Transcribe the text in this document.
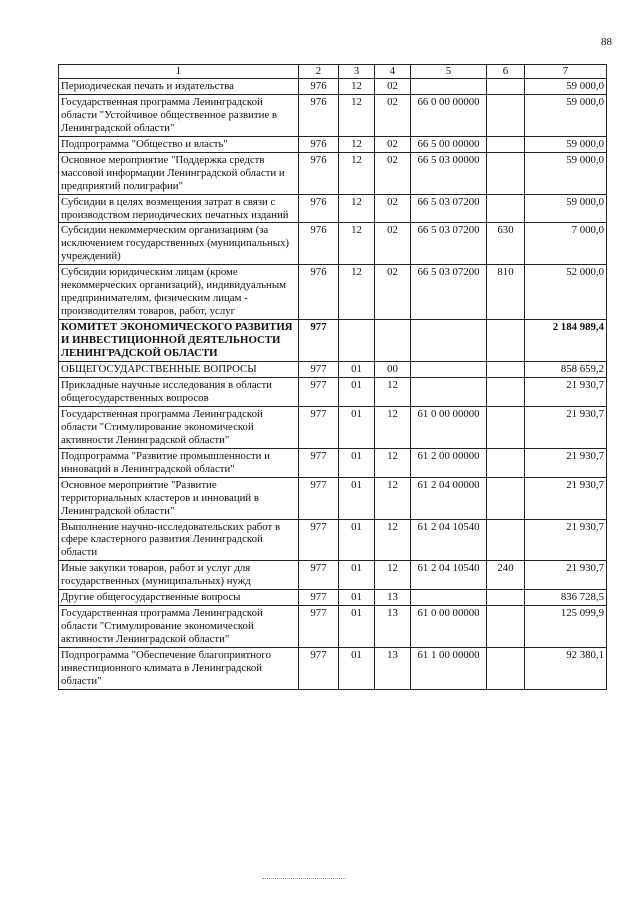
88
1	2	3	4	5	6	7
Периодическая печать и издательства	976	12	02			59 000,0
Государственная программа Ленинградской области "Устойчивое общественное развитие в Ленинградской области"	976	12	02	66 0 00 00000		59 000,0
Подпрограмма "Общество и власть"	976	12	02	66 5 00 00000		59 000,0
Основное мероприятие "Поддержка средств массовой информации Ленинградской области и предприятий полиграфии"	976	12	02	66 5 03 00000		59 000,0
Субсидии в целях возмещения затрат в связи с производством периодических печатных изданий	976	12	02	66 5 03 07200		59 000,0
Субсидии некоммерческим организациям (за исключением государственных (муниципальных) учреждений)	976	12	02	66 5 03 07200	630	7 000,0
Субсидии юридическим лицам (кроме некоммерческих организаций), индивидуальным предпринимателям, физическим лицам - производителям товаров, работ, услуг	976	12	02	66 5 03 07200	810	52 000,0
КОМИТЕТ ЭКОНОМИЧЕСКОГО РАЗВИТИЯ И ИНВЕСТИЦИОННОЙ ДЕЯТЕЛЬНОСТИ ЛЕНИНГРАДСКОЙ ОБЛАСТИ	977					2 184 989,4
ОБЩЕГОСУДАРСТВЕННЫЕ ВОПРОСЫ	977	01	00			858 659,2
Прикладные научные исследования в области общегосударственных вопросов	977	01	12			21 930,7
Государственная программа Ленинградской области "Стимулирование экономической активности Ленинградской области"	977	01	12	61 0 00 00000		21 930,7
Подпрограмма "Развитие промышленности и инноваций в Ленинградской области"	977	01	12	61 2 00 00000		21 930,7
Основное мероприятие "Развитие территориальных кластеров и инноваций в Ленинградской области"	977	01	12	61 2 04 00000		21 930,7
Выполнение научно-исследовательских работ в сфере кластерного развития Ленинградской области	977	01	12	61 2 04 10540		21 930,7
Иные закупки товаров, работ и услуг для государственных (муниципальных) нужд	977	01	12	61 2 04 10540	240	21 930,7
Другие общегосударственные вопросы	977	01	13			836 728,5
Государственная программа Ленинградской области "Стимулирование экономической активности Ленинградской области"	977	01	13	61 0 00 00000		125 099,9
Подпрограмма "Обеспечение благоприятного инвестиционного климата в Ленинградской области"	977	01	13	61 1 00 00000		92 380,1
